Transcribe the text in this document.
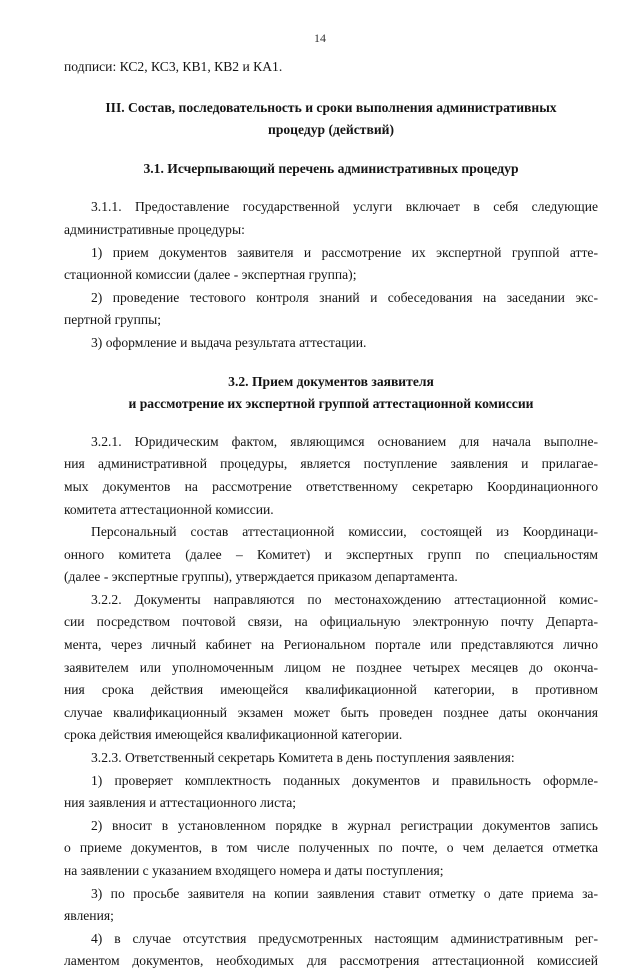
14
подписи: КС2, КС3, КВ1, КВ2 и КА1.
III. Состав, последовательность и сроки выполнения административных
процедур (действий)
3.1. Исчерпывающий перечень административных процедур
3.1.1. Предоставление государственной услуги включает в себя следующие
административные процедуры:
1) прием документов заявителя и рассмотрение их экспертной группой атте-
стационной комиссии (далее - экспертная группа);
2) проведение тестового контроля знаний и собеседования на заседании экс-
пертной группы;
3) оформление и выдача результата аттестации.
3.2. Прием документов заявителя
и рассмотрение их экспертной группой аттестационной комиссии
3.2.1. Юридическим фактом, являющимся основанием для начала выполне-
ния административной процедуры, является поступление заявления и прилагае-
мых документов на рассмотрение ответственному секретарю Координационного
комитета аттестационной комиссии.
Персональный состав аттестационной комиссии, состоящей из Координаци-
онного комитета (далее – Комитет) и экспертных групп по специальностям
(далее - экспертные группы), утверждается приказом департамента.
3.2.2. Документы направляются по местонахождению аттестационной комис-
сии посредством почтовой связи, на официальную электронную почту Департа-
мента, через личный кабинет на Региональном портале или представляются лично
заявителем или уполномоченным лицом не позднее четырех месяцев до оконча-
ния срока действия имеющейся квалификационной категории, в противном
случае квалификационный экзамен может быть проведен позднее даты окончания
срока действия имеющейся квалификационной категории.
3.2.3. Ответственный секретарь Комитета в день поступления заявления:
1) проверяет комплектность поданных документов и правильность оформле-
ния заявления и аттестационного листа;
2) вносит в установленном порядке в журнал регистрации документов запись
о приеме документов, в том числе полученных по почте, о чем делается отметка
на заявлении с указанием входящего номера и даты поступления;
3) по просьбе заявителя на копии заявления ставит отметку о дате приема за-
явления;
4) в случае отсутствия предусмотренных настоящим административным рег-
ламентом документов, необходимых для рассмотрения аттестационной комиссией
